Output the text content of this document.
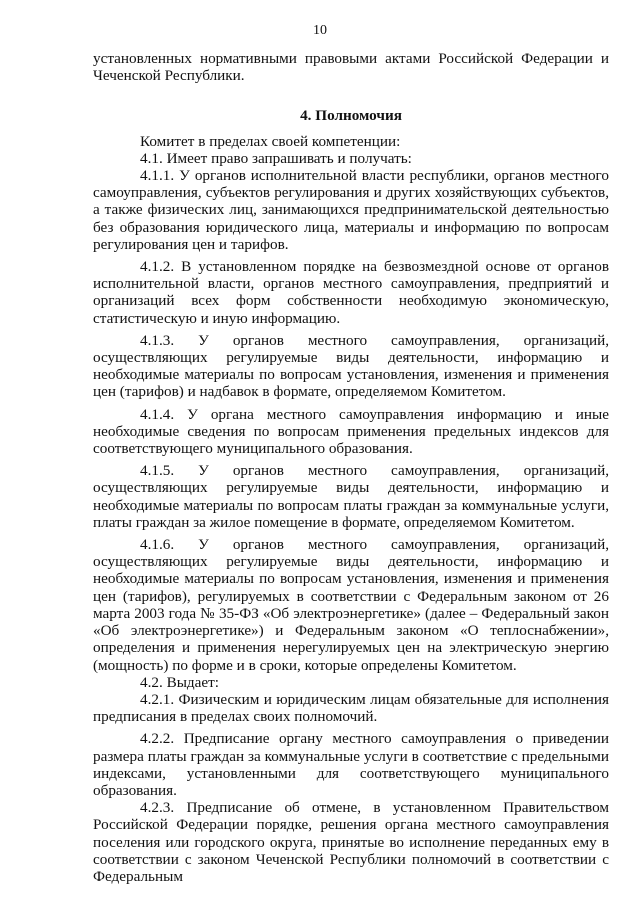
10

установленных нормативными правовыми актами Российской Федерации и Чеченской Республики.

4. Полномочия

Комитет в пределах своей компетенции:

4.1. Имеет право запрашивать и получать:

4.1.1. У органов исполнительной власти республики, органов местного самоуправления, субъектов регулирования и других хозяйствующих субъектов, а также физических лиц, занимающихся предпринимательской деятельностью без образования юридического лица, материалы и информацию по вопросам регулирования цен и тарифов.

4.1.2. В установленном порядке на безвозмездной основе от органов исполнительной власти, органов местного самоуправления, предприятий и организаций всех форм собственности необходимую экономическую, статистическую и иную информацию.

4.1.3. У органов местного самоуправления, организаций, осуществляющих регулируемые виды деятельности, информацию и необходимые материалы по вопросам установления, изменения и применения цен (тарифов) и надбавок в формате, определяемом Комитетом.

4.1.4. У органа местного самоуправления информацию и иные необходимые сведения по вопросам применения предельных индексов для соответствующего муниципального образования.

4.1.5. У органов местного самоуправления, организаций, осуществляющих регулируемые виды деятельности, информацию и необходимые материалы по вопросам платы граждан за коммунальные услуги, платы граждан за жилое помещение в формате, определяемом Комитетом.

4.1.6. У органов местного самоуправления, организаций, осуществляющих регулируемые виды деятельности, информацию и необходимые материалы по вопросам установления, изменения и применения цен (тарифов), регулируемых в соответствии с Федеральным законом от 26 марта 2003 года № 35-ФЗ «Об электроэнергетике» (далее – Федеральный закон «Об электроэнергетике») и Федеральным законом «О теплоснабжении», определения и применения нерегулируемых цен на электрическую энергию (мощность) по форме и в сроки, которые определены Комитетом.

4.2. Выдает:

4.2.1. Физическим и юридическим лицам обязательные для исполнения предписания в пределах своих полномочий.

4.2.2. Предписание органу местного самоуправления о приведении размера платы граждан за коммунальные услуги в соответствие с предельными индексами, установленными для соответствующего муниципального образования.

4.2.3. Предписание об отмене, в установленном Правительством Российской Федерации порядке, решения органа местного самоуправления поселения или городского округа, принятые во исполнение переданных ему в соответствии с законом Чеченской Республики полномочий в соответствии с Федеральным
